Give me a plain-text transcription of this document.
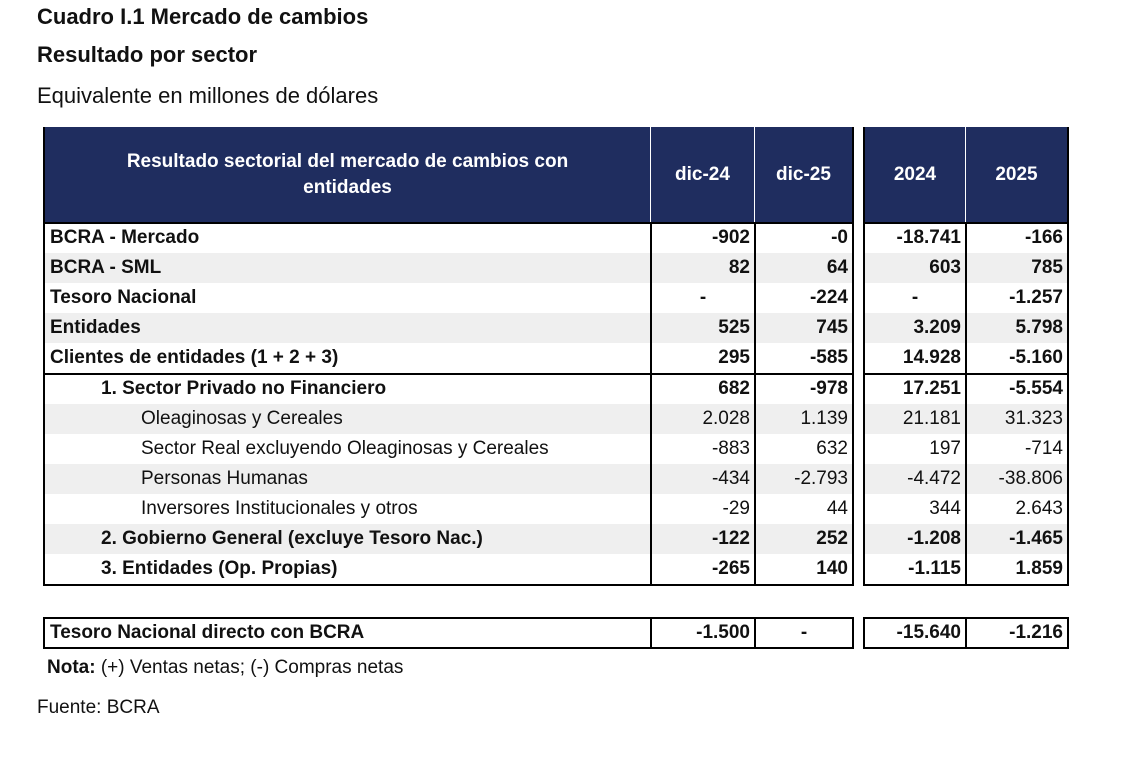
Cuadro I.1 Mercado de cambios
Resultado por sector
Equivalente en millones de dólares
Resultado sectorial del mercado de cambios con entidades
dic-24	dic-25	2024	2025
BCRA - Mercado	-902	-0	-18.741	-166
BCRA - SML	82	64	603	785
Tesoro Nacional	-	-224	-	-1.257
Entidades	525	745	3.209	5.798
Clientes de entidades (1 + 2 + 3)	295	-585	14.928	-5.160
1. Sector Privado no Financiero	682	-978	17.251	-5.554
Oleaginosas y Cereales	2.028	1.139	21.181	31.323
Sector Real excluyendo Oleaginosas y Cereales	-883	632	197	-714
Personas Humanas	-434	-2.793	-4.472	-38.806
Inversores Institucionales y otros	-29	44	344	2.643
2. Gobierno General (excluye Tesoro Nac.)	-122	252	-1.208	-1.465
3. Entidades (Op. Propias)	-265	140	-1.115	1.859
Tesoro Nacional directo con BCRA	-1.500	-	-15.640	-1.216
Nota: (+) Ventas netas; (-) Compras netas
Fuente: BCRA
